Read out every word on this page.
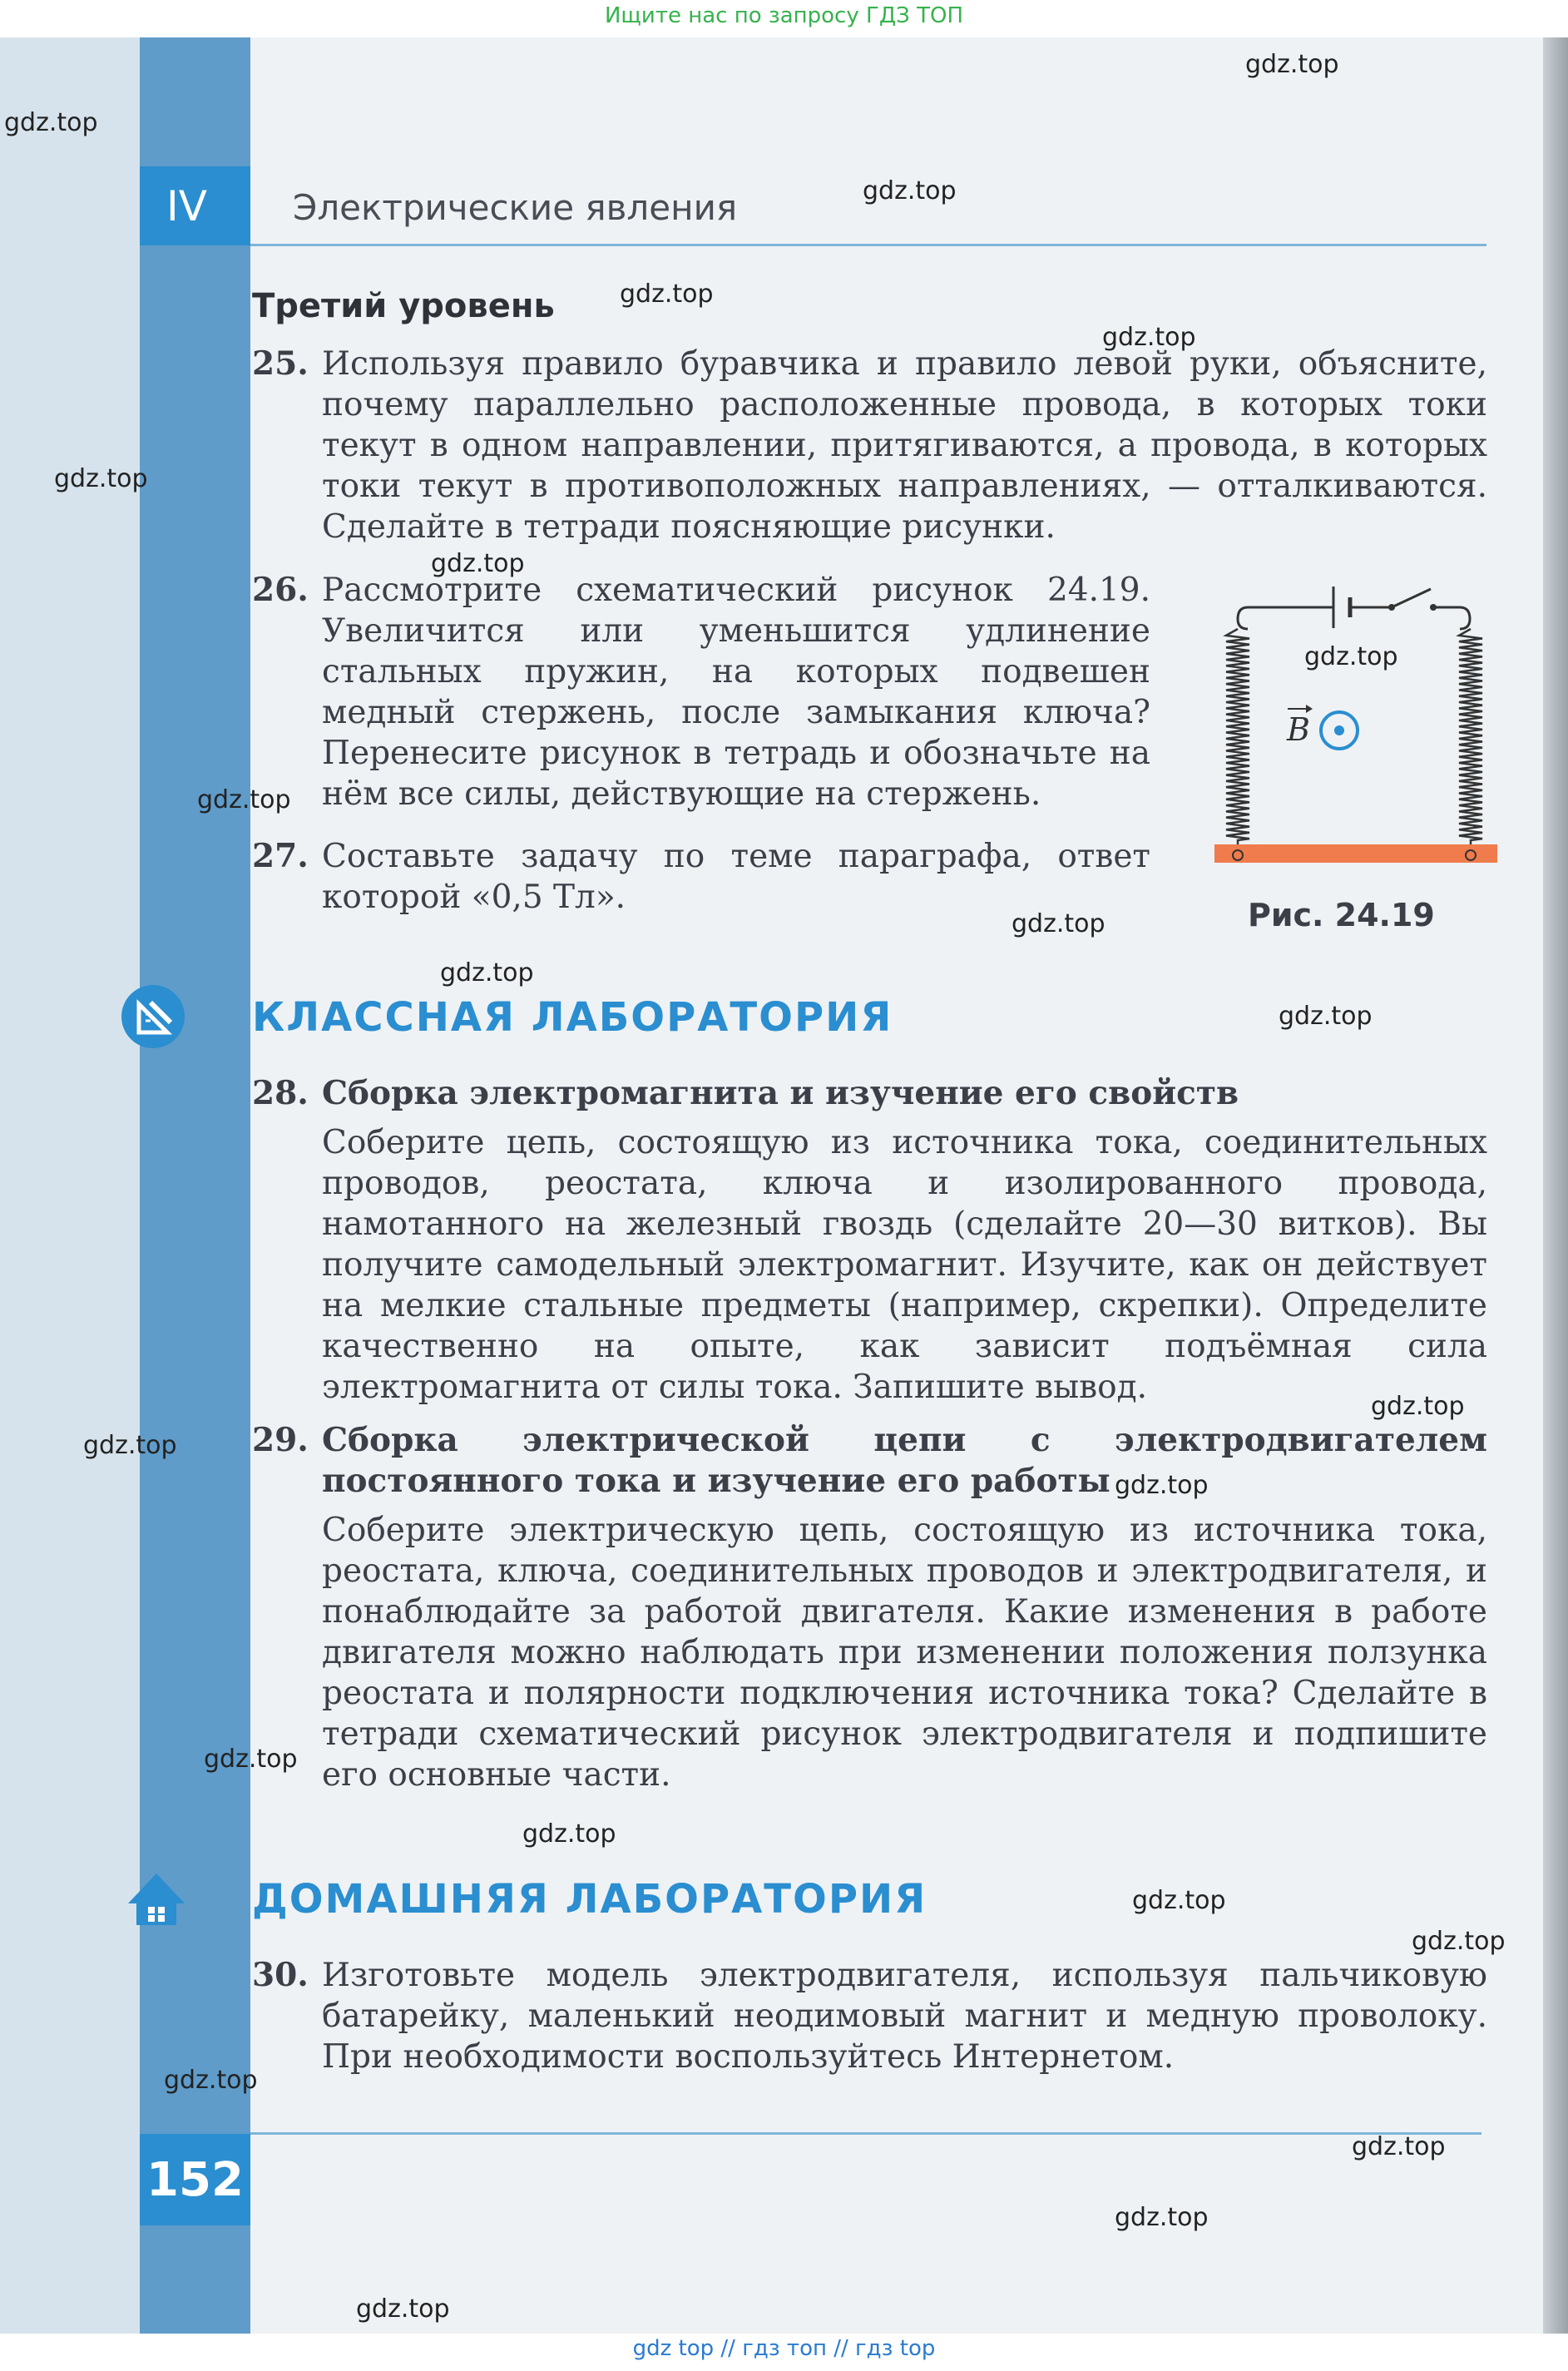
Ищите нас по запросу ГДЗ ТОП
IV	Электрические явления
Третий уровень
25. Используя правило буравчика и правило левой руки, объясните, почему параллельно расположенные провода, в которых токи текут в одном направлении, притягиваются, а провода, в которых токи текут в противоположных направлениях, — отталкиваются. Сделайте в тетради поясняющие рисунки.
26. Рассмотрите схематический рисунок 24.19. Увеличится или уменьшится удлинение стальных пружин, на которых подвешен медный стержень, после замыкания ключа? Перенесите рисунок в тетрадь и обозначьте на нём все силы, действующие на стержень.
27. Составьте задачу по теме параграфа, ответ которой «0,5 Тл».
B
Рис. 24.19
КЛАССНАЯ ЛАБОРАТОРИЯ
28. Сборка электромагнита и изучение его свойств
Соберите цепь, состоящую из источника тока, соединительных проводов, реостата, ключа и изолированного провода, намотанного на железный гвоздь (сделайте 20—30 витков). Вы получите самодельный электромагнит. Изучите, как он действует на мелкие стальные предметы (например, скрепки). Определите качественно на опыте, как зависит подъёмная сила электромагнита от силы тока. Запишите вывод.
29. Сборка электрической цепи с электродвигателем постоянного тока и изучение его работы
Соберите электрическую цепь, состоящую из источника тока, реостата, ключа, соединительных проводов и электродвигателя, и понаблюдайте за работой двигателя. Какие изменения в работе двигателя можно наблюдать при изменении положения ползунка реостата и полярности подключения источника тока? Сделайте в тетради схематический рисунок электродвигателя и подпишите его основные части.
ДОМАШНЯЯ ЛАБОРАТОРИЯ
30. Изготовьте модель электродвигателя, используя пальчиковую батарейку, маленький неодимовый магнит и медную проволоку. При необходимости воспользуйтесь Интернетом.
152
gdz.top
gdz.top
gdz.top
gdz.top
gdz.top
gdz.top
gdz.top
gdz.top
gdz.top
gdz.top
gdz.top
gdz.top
gdz.top
gdz.top
gdz.top
gdz.top
gdz.top
gdz.top
gdz.top
gdz.top
gdz.top
gdz.top
gdz.top
gdz top // гдз топ // гдз top
